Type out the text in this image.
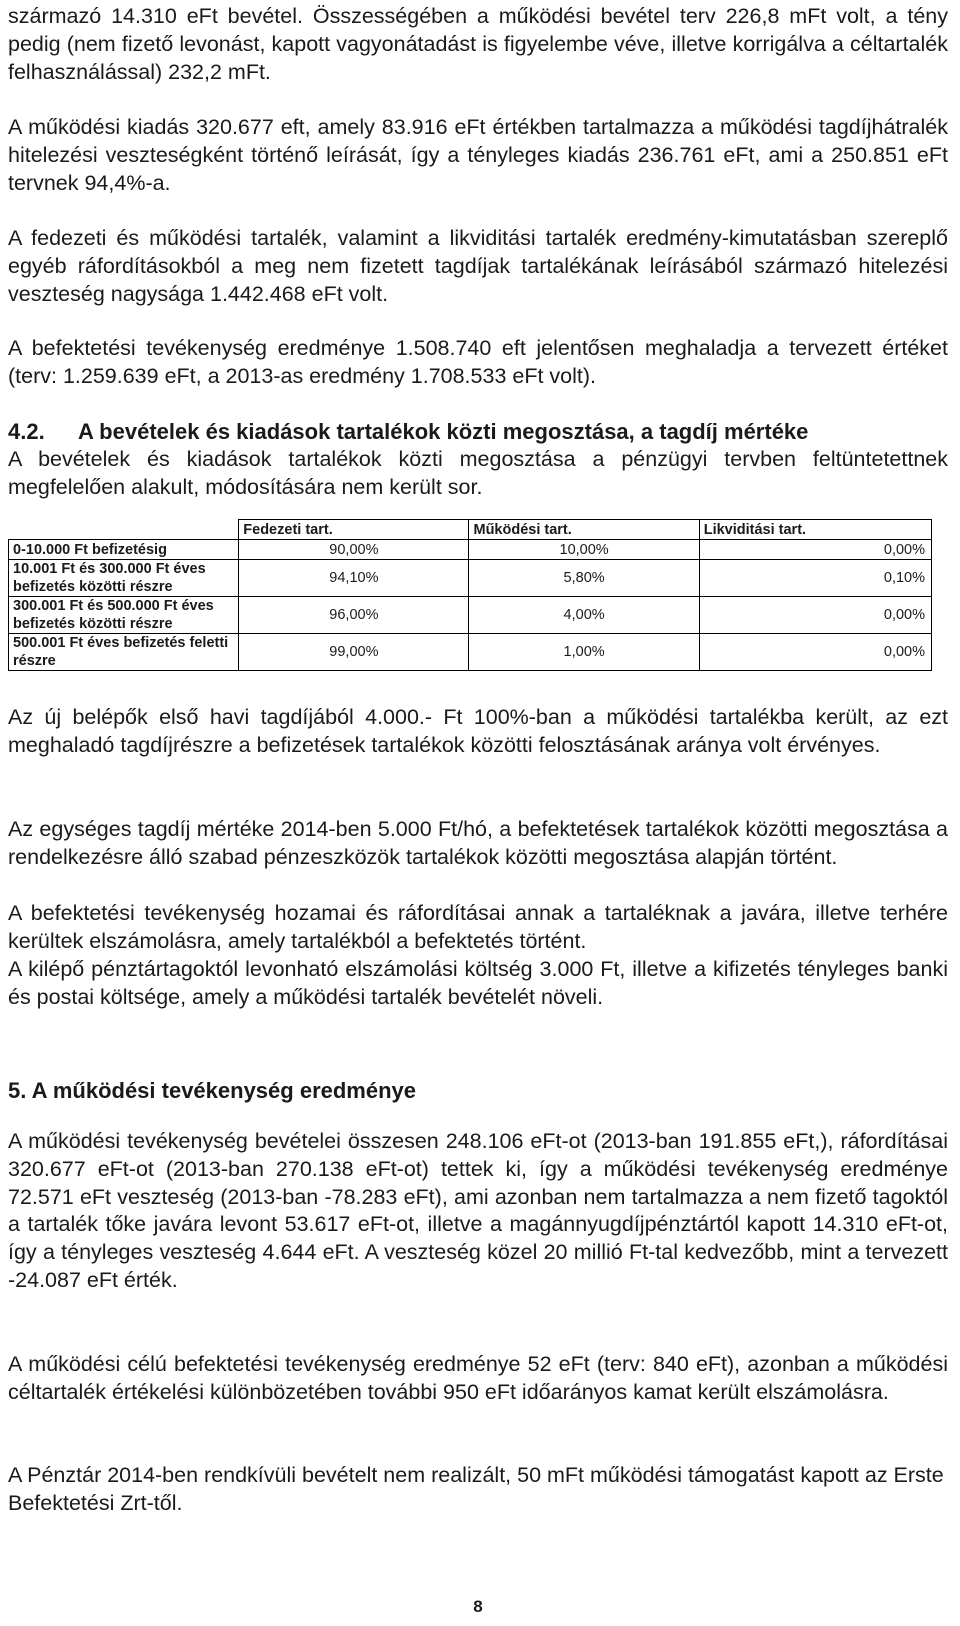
származó 14.310 eFt bevétel. Összességében a működési bevétel terv 226,8 mFt volt, a tény pedig (nem fizető levonást, kapott vagyonátadást is figyelembe véve, illetve korrigálva a céltartalék felhasználással) 232,2 mFt.

A működési kiadás 320.677 eft, amely 83.916 eFt értékben tartalmazza a működési tagdíjhátralék hitelezési veszteségként történő leírását, így a tényleges kiadás 236.761 eFt, ami a 250.851 eFt tervnek 94,4%-a.

A fedezeti és működési tartalék, valamint a likviditási tartalék eredmény-kimutatásban szereplő egyéb ráfordításokból a meg nem fizetett tagdíjak tartalékának leírásából származó hitelezési veszteség nagysága 1.442.468 eFt volt.

A befektetési tevékenység eredménye 1.508.740 eft jelentősen meghaladja a tervezett értéket (terv: 1.259.639 eFt, a 2013-as eredmény 1.708.533 eFt volt).

4.2. A bevételek és kiadások tartalékok közti megosztása, a tagdíj mértéke

A bevételek és kiadások tartalékok közti megosztása a pénzügyi tervben feltüntetettnek megfelelően alakult, módosítására nem került sor.

	Fedezeti tart.	Működési tart.	Likviditási tart.
0-10.000 Ft befizetésig	90,00%	10,00%	0,00%
10.001 Ft és 300.000 Ft éves befizetés közötti részre	94,10%	5,80%	0,10%
300.001 Ft és 500.000 Ft éves befizetés közötti részre	96,00%	4,00%	0,00%
500.001 Ft éves befizetés feletti részre	99,00%	1,00%	0,00%

Az új belépők első havi tagdíjából 4.000.- Ft 100%-ban a működési tartalékba került, az ezt meghaladó tagdíjrészre a befizetések tartalékok közötti felosztásának aránya volt érvényes.

Az egységes tagdíj mértéke 2014-ben 5.000 Ft/hó, a befektetések tartalékok közötti megosztása a rendelkezésre álló szabad pénzeszközök tartalékok közötti megosztása alapján történt.

A befektetési tevékenység hozamai és ráfordításai annak a tartaléknak a javára, illetve terhére kerültek elszámolásra, amely tartalékból a befektetés történt.

A kilépő pénztártagoktól levonható elszámolási költség 3.000 Ft, illetve a kifizetés tényleges banki és postai költsége, amely a működési tartalék bevételét növeli.

5. A működési tevékenység eredménye

A működési tevékenység bevételei összesen 248.106 eFt-ot (2013-ban 191.855 eFt,), ráfordításai 320.677 eFt-ot (2013-ban 270.138 eFt-ot) tettek ki, így a működési tevékenység eredménye 72.571 eFt veszteség (2013-ban -78.283 eFt), ami azonban nem tartalmazza a nem fizető tagoktól a tartalék tőke javára levont 53.617 eFt-ot, illetve a magánnyugdíjpénztártól kapott 14.310 eFt-ot, így a tényleges veszteség 4.644 eFt. A veszteség közel 20 millió Ft-tal kedvezőbb, mint a tervezett -24.087 eFt érték.

A működési célú befektetési tevékenység eredménye 52 eFt (terv: 840 eFt), azonban a működési céltartalék értékelési különbözetében további 950 eFt időarányos kamat került elszámolásra.

A Pénztár 2014-ben rendkívüli bevételt nem realizált, 50 mFt működési támogatást kapott az Erste Befektetési Zrt-től.

8
